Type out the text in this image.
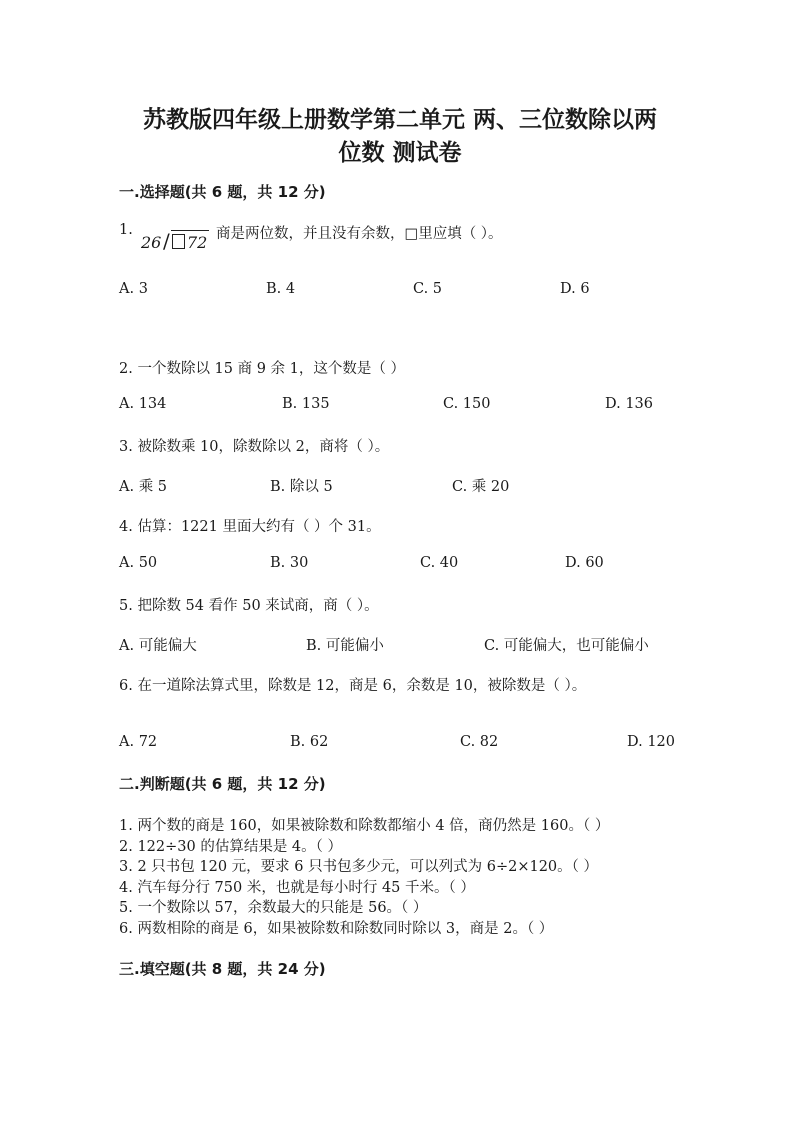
苏教版四年级上册数学第二单元 两、三位数除以两
位数 测试卷
一.选择题(共 6 题，共 12 分)
1.
26 / 72 商是两位数，并且没有余数，□里应填（ ）。
A. 3	B. 4	C. 5	D. 6
2. 一个数除以 15 商 9 余 1，这个数是（ ）
A. 134	B. 135	C. 150	D. 136
3. 被除数乘 10，除数除以 2，商将（ ）。
A. 乘 5	B. 除以 5	C. 乘 20
4. 估算：1221 里面大约有（ ）个 31。
A. 50	B. 30	C. 40	D. 60
5. 把除数 54 看作 50 来试商，商（ ）。
A. 可能偏大	B. 可能偏小	C. 可能偏大，也可能偏小
6. 在一道除法算式里，除数是 12，商是 6，余数是 10，被除数是（ ）。
A. 72	B. 62	C. 82	D. 120
二.判断题(共 6 题，共 12 分)
1. 两个数的商是 160，如果被除数和除数都缩小 4 倍，商仍然是 160。（ ）
2. 122÷30 的估算结果是 4。（ ）
3. 2 只书包 120 元，要求 6 只书包多少元，可以列式为 6÷2×120。（ ）
4. 汽车每分行 750 米，也就是每小时行 45 千米。（ ）
5. 一个数除以 57，余数最大的只能是 56。（ ）
6. 两数相除的商是 6，如果被除数和除数同时除以 3，商是 2。（ ）
三.填空题(共 8 题，共 24 分)
